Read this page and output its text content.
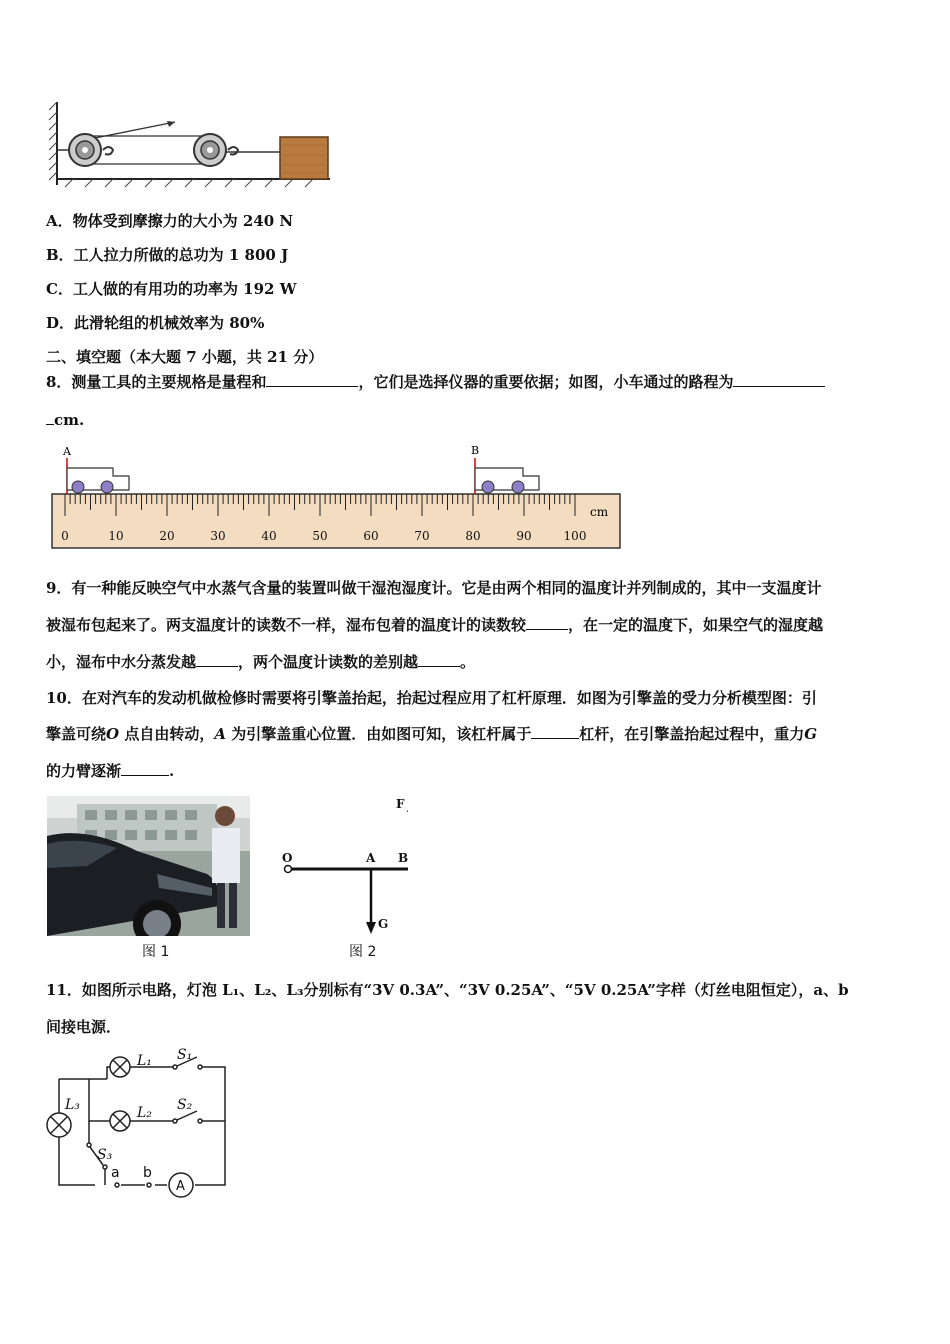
A．物体受到摩擦力的大小为 240 N
B．工人拉力所做的总功为 1 800 J
C．工人做的有用功的功率为 192 W
D．此滑轮组的机械效率为 80%
二、填空题（本大题 7 小题，共 21 分）
8．测量工具的主要规格是量程和	，它们是选择仪器的重要依据；如图，小车通过的路程为
cm.
0	10	20	30	40	50	60	70	80	90	100
cm
A	B
9．有一种能反映空气中水蒸气含量的装置叫做干湿泡湿度计。它是由两个相同的温度计并列制成的，其中一支温度计
被湿布包起来了。两支温度计的读数不一样，湿布包着的温度计的读数较	，在一定的温度下，如果空气的湿度越
小，湿布中水分蒸发越	，两个温度计读数的差别越	。
10．在对汽车的发动机做检修时需要将引擎盖抬起，抬起过程应用了杠杆原理．如图为引擎盖的受力分析模型图：引
擎盖可绕O 点自由转动，A 为引擎盖重心位置．由如图可知，该杠杆属于	杠杆，在引擎盖抬起过程中，重力G
的力臂逐渐	.
图 1
O	A B
F
G
图 2
11．如图所示电路，灯泡 L₁、L₂、L₃分别标有“3V 0.3A”、“3V 0.25A”、“5V 0.25A”字样（灯丝电阻恒定），a、b
间接电源．
L₁
L₂
L₃
S₁
S₂
S₃
a b
A
